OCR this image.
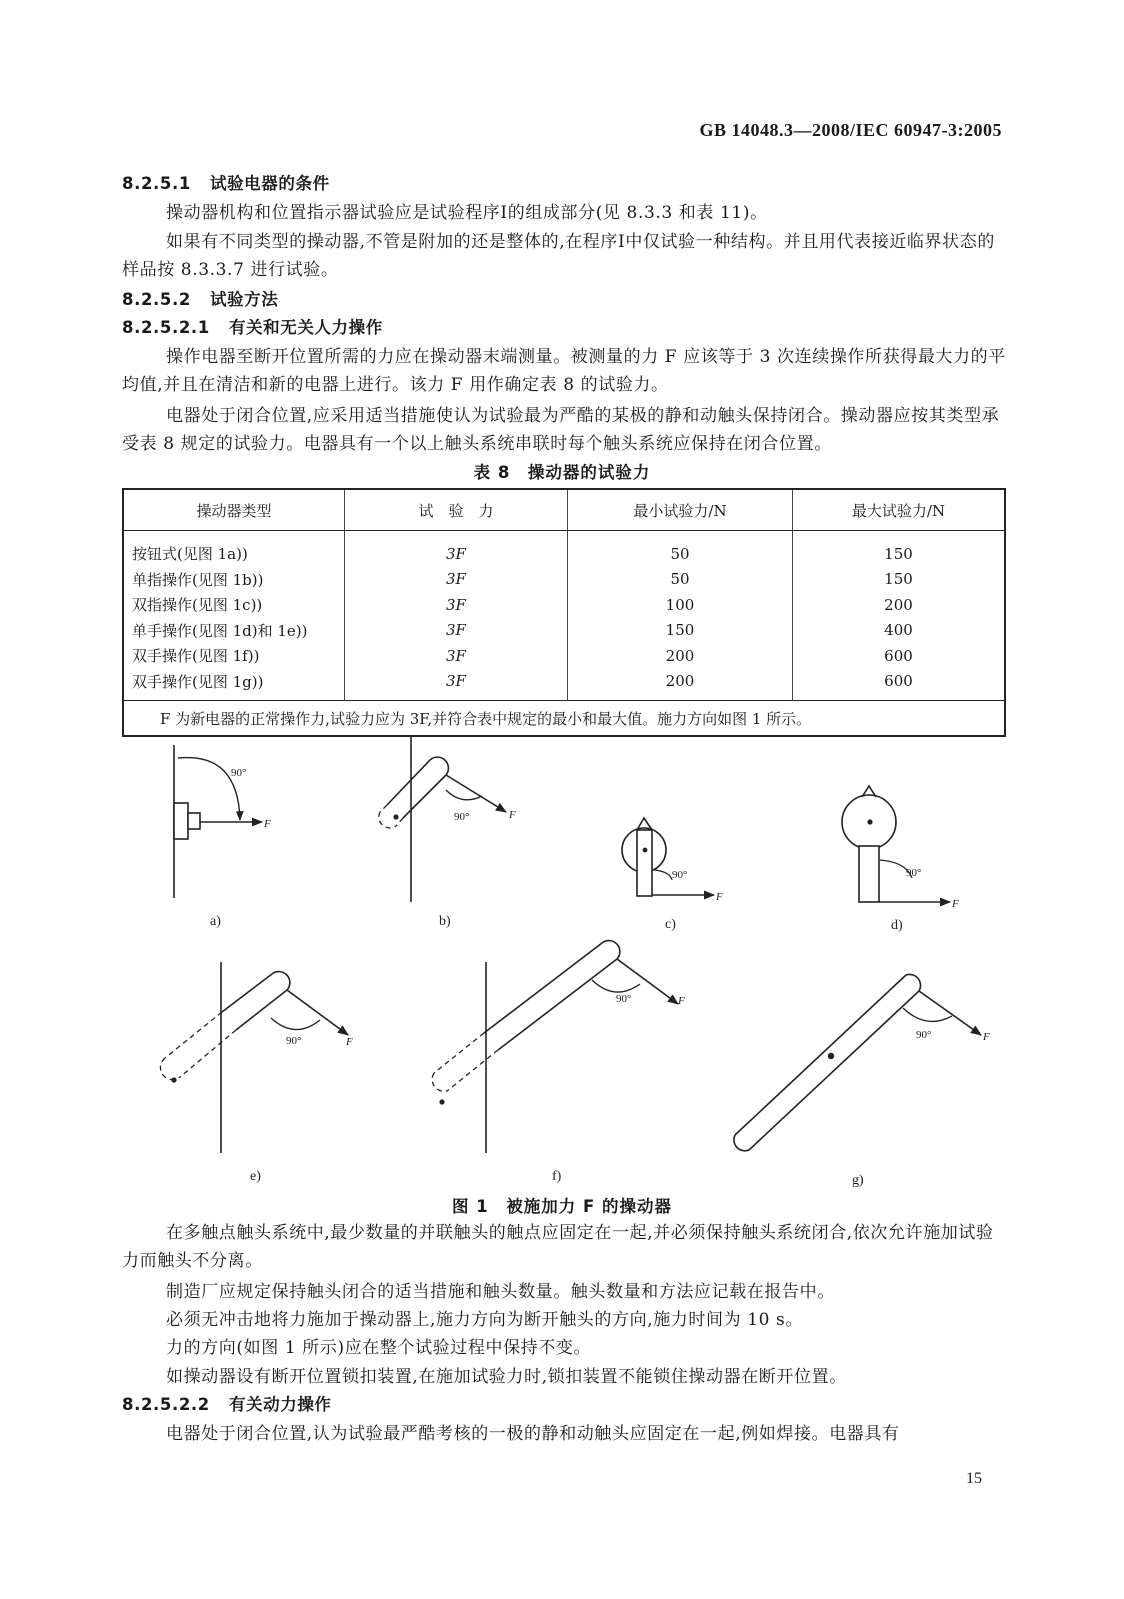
GB 14048.3—2008/IEC 60947-3:2005
8.2.5.1 试验电器的条件
操动器机构和位置指示器试验应是试验程序Ⅰ的组成部分(见 8.3.3 和表 11)。
如果有不同类型的操动器,不管是附加的还是整体的,在程序Ⅰ中仅试验一种结构。并且用代表接近临界状态的样品按 8.3.3.7 进行试验。
8.2.5.2 试验方法
8.2.5.2.1 有关和无关人力操作
操作电器至断开位置所需的力应在操动器末端测量。被测量的力 F 应该等于 3 次连续操作所获得最大力的平均值,并且在清洁和新的电器上进行。该力 F 用作确定表 8 的试验力。
电器处于闭合位置,应采用适当措施使认为试验最为严酷的某极的静和动触头保持闭合。操动器应按其类型承受表 8 规定的试验力。电器具有一个以上触头系统串联时每个触头系统应保持在闭合位置。
表 8　操动器的试验力
操动器类型	试　验　力	最小试验力/N	最大试验力/N
按钮式(见图 1a))	3F	50	150
单指操作(见图 1b))	3F	50	150
双指操作(见图 1c))	3F	100	200
单手操作(见图 1d)和 1e))	3F	150	400
双手操作(见图 1f))	3F	200	600
双手操作(见图 1g))	3F	200	600
F 为新电器的正常操作力,试验力应为 3F,并符合表中规定的最小和最大值。施力方向如图 1 所示。			
90°
90°
90°	90°
90°
90°
90°
F
F
F
F
F
F
F
a)	b)	c)	d)
e)	f)	g)
图 1　被施加力 F 的操动器
在多触点触头系统中,最少数量的并联触头的触点应固定在一起,并必须保持触头系统闭合,依次允许施加试验力而触头不分离。
制造厂应规定保持触头闭合的适当措施和触头数量。触头数量和方法应记载在报告中。
必须无冲击地将力施加于操动器上,施力方向为断开触头的方向,施力时间为 10 s。
力的方向(如图 1 所示)应在整个试验过程中保持不变。
如操动器设有断开位置锁扣装置,在施加试验力时,锁扣装置不能锁住操动器在断开位置。
8.2.5.2.2 有关动力操作
电器处于闭合位置,认为试验最严酷考核的一极的静和动触头应固定在一起,例如焊接。电器具有
15
